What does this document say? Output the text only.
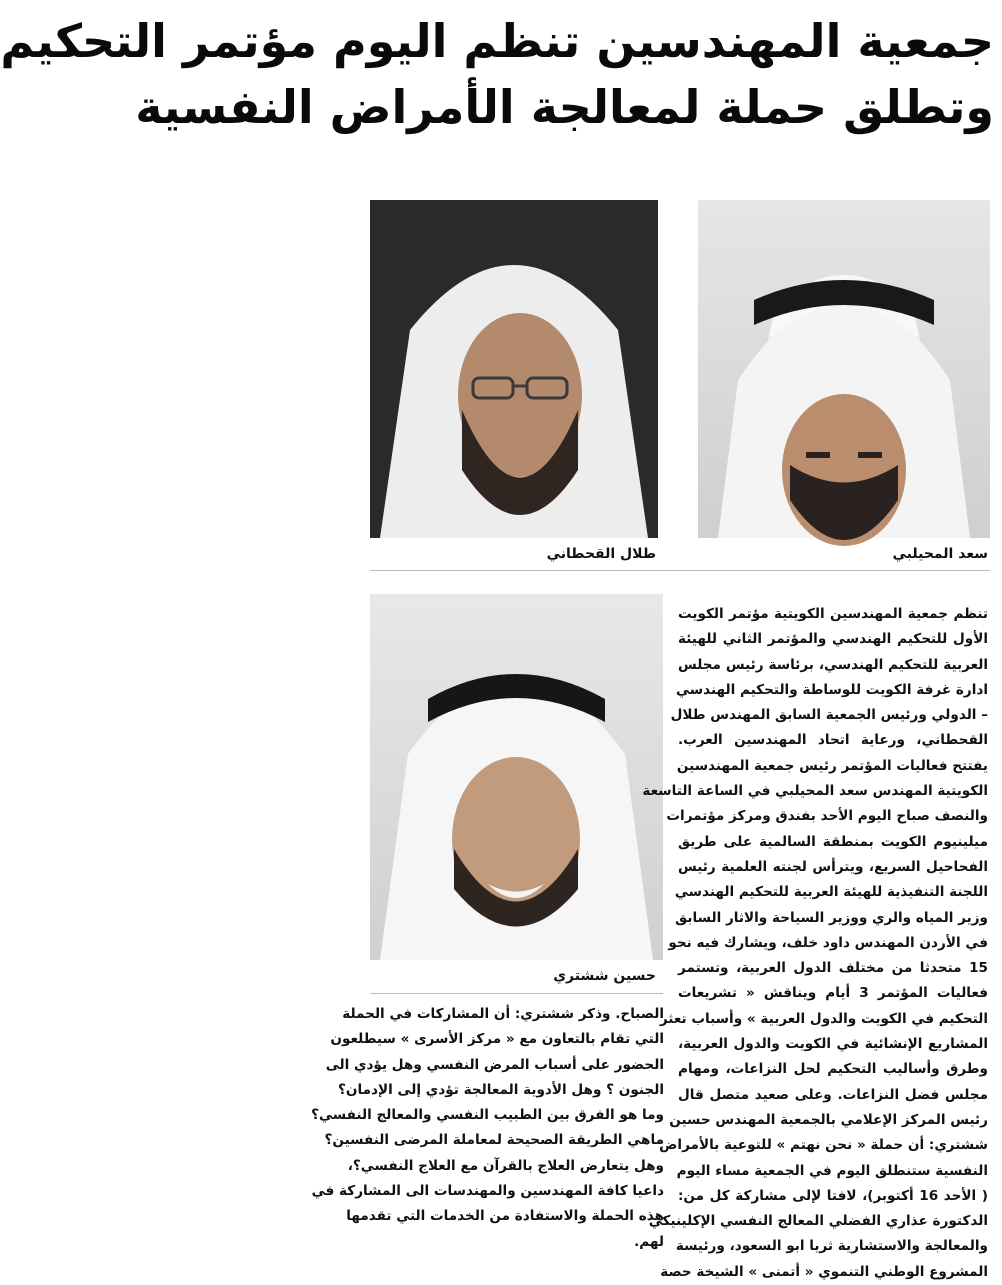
جمعية المهندسين تنظم اليوم مؤتمر التحكيم
وتطلق حملة لمعالجة الأمراض النفسية
سعد المحيلبي
طلال القحطاني
حسين ششتري
تنظم جمعية المهندسين الكويتية مؤتمر الكويت
الأول للتحكيم الهندسي والمؤتمر الثاني للهيئة
العربية للتحكيم الهندسي، برئاسة رئيس مجلس
ادارة غرفة الكويت للوساطة والتحكيم الهندسي
– الدولي ورئيس الجمعية السابق المهندس طلال
القحطاني، ورعاية اتحاد المهندسين العرب.
يفتتح فعاليات المؤتمر رئيس جمعية المهندسين
الكويتية المهندس سعد المحيلبي في الساعة التاسعة
والنصف صباح اليوم الأحد بفندق ومركز مؤتمرات
ميلينيوم الكويت بمنطقة السالمية على طريق
الفحاحيل السريع، ويترأس لجنته العلمية رئيس
اللجنة التنفيذية للهيئة العربية للتحكيم الهندسي
وزير المياه والري ووزير السياحة والاثار السابق
في الأردن المهندس داود خلف، ويشارك فيه نحو
15 متحدثا من مختلف الدول العربية، وتستمر
فعاليات المؤتمر 3 أيام ويناقش « تشريعات
التحكيم في الكويت والدول العربية » وأسباب تعثر
المشاريع الإنشائية في الكويت والدول العربية،
وطرق وأساليب التحكيم لحل النزاعات، ومهام
مجلس فضل النزاعات. وعلى صعيد متصل قال
رئيس المركز الإعلامي بالجمعية المهندس حسين
ششتري: أن حملة « نحن نهتم » للتوعية بالأمراض
النفسية ستنطلق اليوم في الجمعية مساء اليوم
( الأحد 16 أكتوبر)، لافتا لإلى مشاركة كل من:
الدكتورة عذاري الفضلي المعالج النفسي الإكلينيكي
والمعالجة والاستشارية ثريا ابو السعود، ورئيسة
المشروع الوطني التنموي « أتمنى » الشيخة حصة
الصباح. وذكر ششتري: أن المشاركات في الحملة
التي تقام بالتعاون مع « مركز الأسرى » سيطلعون
الحضور على أسباب المرض النفسي وهل يؤدي الى
الجنون ؟ وهل الأدوية المعالجة تؤدي إلى الإدمان؟
وما هو الفرق بين الطبيب النفسي والمعالج النفسي؟
ماهي الطريقة الصحيحة لمعاملة المرضى النفسين؟
وهل يتعارض العلاج بالقرآن مع العلاج النفسي؟،
داعيا كافة المهندسين والمهندسات الى المشاركة في
هذه الحملة والاستفادة من الخدمات التي تقدمها
لهم.
